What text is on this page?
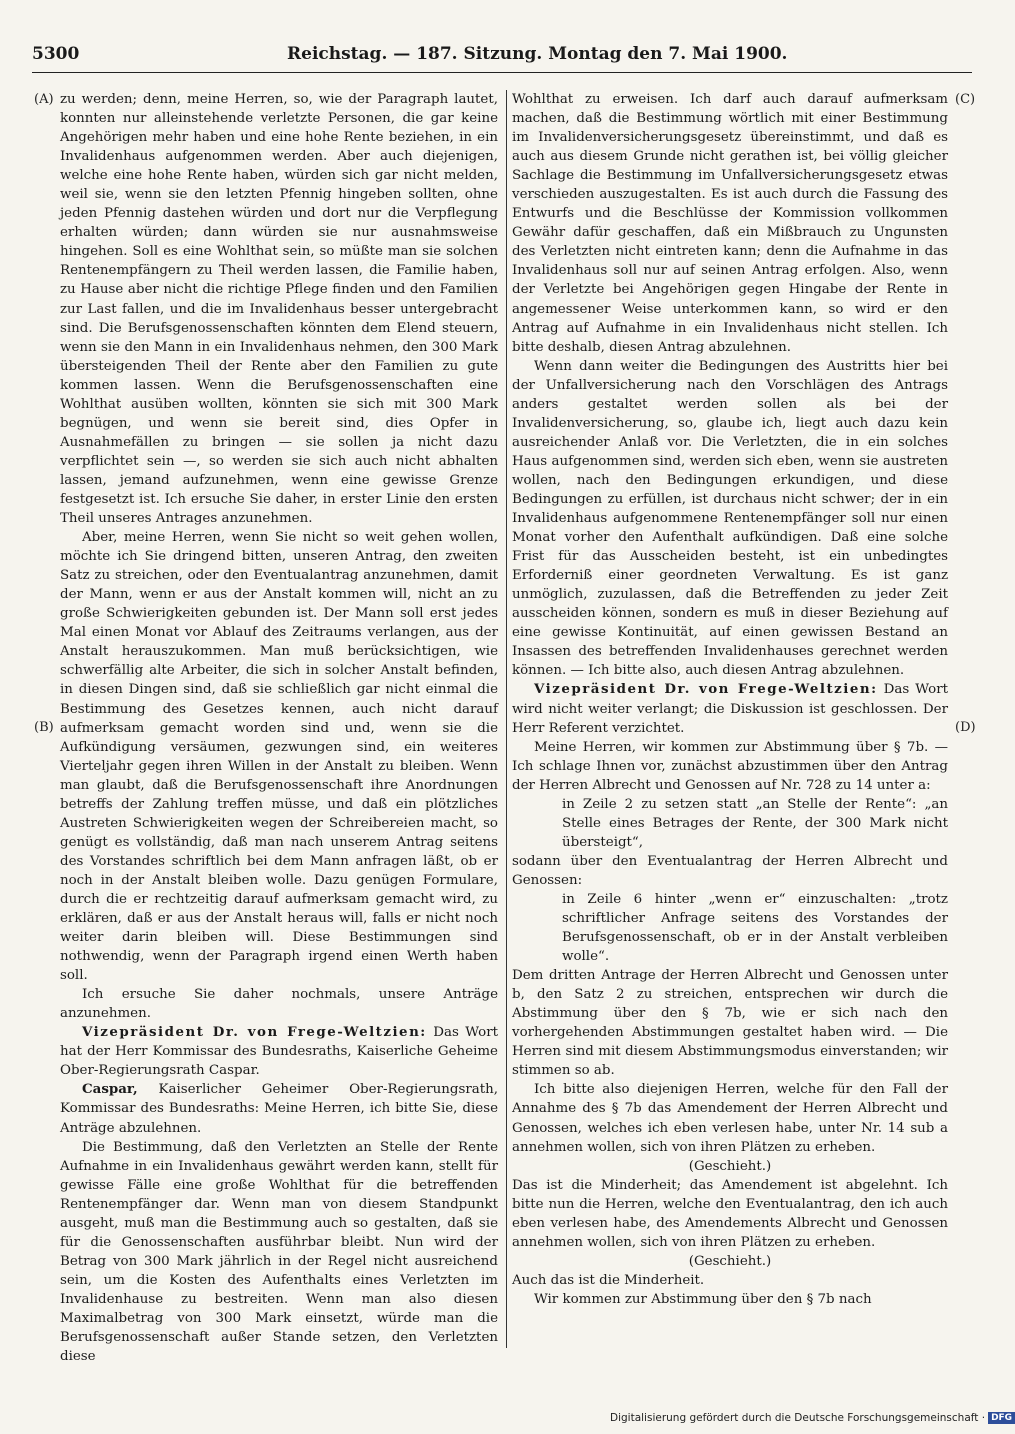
5300	Reichstag. — 187. Sitzung. Montag den 7. Mai 1900.
(A)
(B)
(C)
(D)

zu werden; denn, meine Herren, so, wie der Paragraph lautet, konnten nur alleinstehende verletzte Personen, die gar keine Angehörigen mehr haben und eine hohe Rente beziehen, in ein Invalidenhaus aufgenommen werden. Aber auch diejenigen, welche eine hohe Rente haben, würden sich gar nicht melden, weil sie, wenn sie den letzten Pfennig hingeben sollten, ohne jeden Pfennig dastehen würden und dort nur die Verpflegung erhalten würden; dann würden sie nur ausnahmsweise hingehen. Soll es eine Wohlthat sein, so müßte man sie solchen Rentenempfängern zu Theil werden lassen, die Familie haben, zu Hause aber nicht die richtige Pflege finden und den Familien zur Last fallen, und die im Invalidenhaus besser untergebracht sind. Die Berufsgenossenschaften könnten dem Elend steuern, wenn sie den Mann in ein Invalidenhaus nehmen, den 300 Mark übersteigenden Theil der Rente aber den Familien zu gute kommen lassen. Wenn die Berufsgenossenschaften eine Wohlthat ausüben wollten, könnten sie sich mit 300 Mark begnügen, und wenn sie bereit sind, dies Opfer in Ausnahmefällen zu bringen — sie sollen ja nicht dazu verpflichtet sein —, so werden sie sich auch nicht abhalten lassen, jemand aufzunehmen, wenn eine gewisse Grenze festgesetzt ist. Ich ersuche Sie daher, in erster Linie den ersten Theil unseres Antrages anzunehmen.

Aber, meine Herren, wenn Sie nicht so weit gehen wollen, möchte ich Sie dringend bitten, unseren Antrag, den zweiten Satz zu streichen, oder den Eventualantrag anzunehmen, damit der Mann, wenn er aus der Anstalt kommen will, nicht an zu große Schwierigkeiten gebunden ist. Der Mann soll erst jedes Mal einen Monat vor Ablauf des Zeitraums verlangen, aus der Anstalt herauszukommen. Man muß berücksichtigen, wie schwerfällig alte Arbeiter, die sich in solcher Anstalt befinden, in diesen Dingen sind, daß sie schließlich gar nicht einmal die Bestimmung des Gesetzes kennen, auch nicht darauf aufmerksam gemacht worden sind und, wenn sie die Aufkündigung versäumen, gezwungen sind, ein weiteres Vierteljahr gegen ihren Willen in der Anstalt zu bleiben. Wenn man glaubt, daß die Berufsgenossenschaft ihre Anordnungen betreffs der Zahlung treffen müsse, und daß ein plötzliches Austreten Schwierigkeiten wegen der Schreibereien macht, so genügt es vollständig, daß man nach unserem Antrag seitens des Vorstandes schriftlich bei dem Mann anfragen läßt, ob er noch in der Anstalt bleiben wolle. Dazu genügen Formulare, durch die er rechtzeitig darauf aufmerksam gemacht wird, zu erklären, daß er aus der Anstalt heraus will, falls er nicht noch weiter darin bleiben will. Diese Bestimmungen sind nothwendig, wenn der Paragraph irgend einen Werth haben soll.

Ich ersuche Sie daher nochmals, unsere Anträge anzunehmen.

Vizepräsident Dr. von Frege-Weltzien: Das Wort hat der Herr Kommissar des Bundesraths, Kaiserliche Geheime Ober-Regierungsrath Caspar.

Caspar, Kaiserlicher Geheimer Ober-Regierungsrath, Kommissar des Bundesraths: Meine Herren, ich bitte Sie, diese Anträge abzulehnen.

Die Bestimmung, daß den Verletzten an Stelle der Rente Aufnahme in ein Invalidenhaus gewährt werden kann, stellt für gewisse Fälle eine große Wohlthat für die betreffenden Rentenempfänger dar. Wenn man von diesem Standpunkt ausgeht, muß man die Bestimmung auch so gestalten, daß sie für die Genossenschaften ausführbar bleibt. Nun wird der Betrag von 300 Mark jährlich in der Regel nicht ausreichend sein, um die Kosten des Aufenthalts eines Verletzten im Invalidenhause zu bestreiten. Wenn man also diesen Maximalbetrag von 300 Mark einsetzt, würde man die Berufsgenossenschaft außer Stande setzen, den Verletzten diese

Wohlthat zu erweisen. Ich darf auch darauf aufmerksam machen, daß die Bestimmung wörtlich mit einer Bestimmung im Invalidenversicherungsgesetz übereinstimmt, und daß es auch aus diesem Grunde nicht gerathen ist, bei völlig gleicher Sachlage die Bestimmung im Unfallversicherungsgesetz etwas verschieden auszugestalten. Es ist auch durch die Fassung des Entwurfs und die Beschlüsse der Kommission vollkommen Gewähr dafür geschaffen, daß ein Mißbrauch zu Ungunsten des Verletzten nicht eintreten kann; denn die Aufnahme in das Invalidenhaus soll nur auf seinen Antrag erfolgen. Also, wenn der Verletzte bei Angehörigen gegen Hingabe der Rente in angemessener Weise unterkommen kann, so wird er den Antrag auf Aufnahme in ein Invalidenhaus nicht stellen. Ich bitte deshalb, diesen Antrag abzulehnen.

Wenn dann weiter die Bedingungen des Austritts hier bei der Unfallversicherung nach den Vorschlägen des Antrags anders gestaltet werden sollen als bei der Invalidenversicherung, so, glaube ich, liegt auch dazu kein ausreichender Anlaß vor. Die Verletzten, die in ein solches Haus aufgenommen sind, werden sich eben, wenn sie austreten wollen, nach den Bedingungen erkundigen, und diese Bedingungen zu erfüllen, ist durchaus nicht schwer; der in ein Invalidenhaus aufgenommene Rentenempfänger soll nur einen Monat vorher den Aufenthalt aufkündigen. Daß eine solche Frist für das Ausscheiden besteht, ist ein unbedingtes Erforderniß einer geordneten Verwaltung. Es ist ganz unmöglich, zuzulassen, daß die Betreffenden zu jeder Zeit ausscheiden können, sondern es muß in dieser Beziehung auf eine gewisse Kontinuität, auf einen gewissen Bestand an Insassen des betreffenden Invalidenhauses gerechnet werden können. — Ich bitte also, auch diesen Antrag abzulehnen.

Vizepräsident Dr. von Frege-Weltzien: Das Wort wird nicht weiter verlangt; die Diskussion ist geschlossen. Der Herr Referent verzichtet.

Meine Herren, wir kommen zur Abstimmung über § 7b. — Ich schlage Ihnen vor, zunächst abzustimmen über den Antrag der Herren Albrecht und Genossen auf Nr. 728 zu 14 unter a:

in Zeile 2 zu setzen statt „an Stelle der Rente“: „an Stelle eines Betrages der Rente, der 300 Mark nicht übersteigt“,

sodann über den Eventualantrag der Herren Albrecht und Genossen:

in Zeile 6 hinter „wenn er“ einzuschalten: „trotz schriftlicher Anfrage seitens des Vorstandes der Berufsgenossenschaft, ob er in der Anstalt verbleiben wolle“.

Dem dritten Antrage der Herren Albrecht und Genossen unter b, den Satz 2 zu streichen, entsprechen wir durch die Abstimmung über den § 7b, wie er sich nach den vorhergehenden Abstimmungen gestaltet haben wird. — Die Herren sind mit diesem Abstimmungsmodus einverstanden; wir stimmen so ab.

Ich bitte also diejenigen Herren, welche für den Fall der Annahme des § 7b das Amendement der Herren Albrecht und Genossen, welches ich eben verlesen habe, unter Nr. 14 sub a annehmen wollen, sich von ihren Plätzen zu erheben.

(Geschieht.)

Das ist die Minderheit; das Amendement ist abgelehnt. Ich bitte nun die Herren, welche den Eventualantrag, den ich auch eben verlesen habe, des Amendements Albrecht und Genossen annehmen wollen, sich von ihren Plätzen zu erheben.

(Geschieht.)

Auch das ist die Minderheit.

Wir kommen zur Abstimmung über den § 7b nach

Digitalisierung gefördert durch die Deutsche Forschungsgemeinschaft · DFG
